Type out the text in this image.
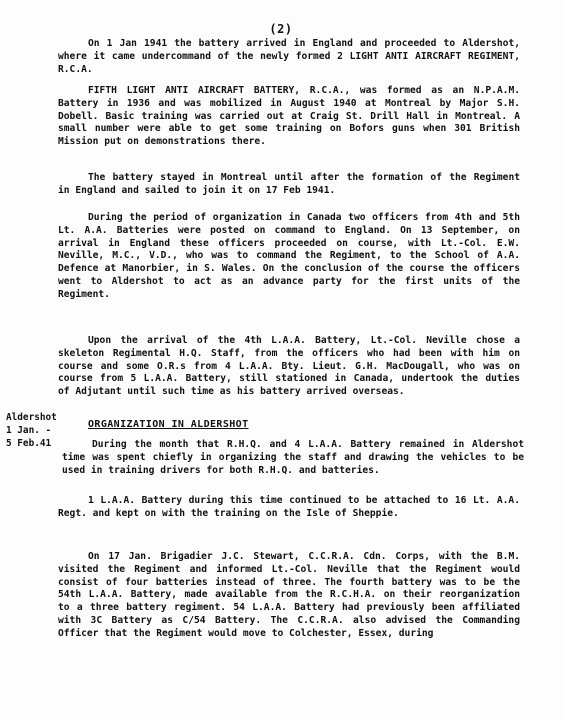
(2)

On 1 Jan 1941 the battery arrived in England and proceeded to Aldershot, where it came undercommand of the newly formed 2 LIGHT ANTI AIRCRAFT REGIMENT, R.C.A.

FIFTH LIGHT ANTI AIRCRAFT BATTERY, R.C.A., was formed as an N.P.A.M. Battery in 1936 and was mobilized in August 1940 at Montreal by Major S.H. Dobell. Basic training was carried out at Craig St. Drill Hall in Montreal. A small number were able to get some training on Bofors guns when 301 British Mission put on demonstrations there.

The battery stayed in Montreal until after the formation of the Regiment in England and sailed to join it on 17 Feb 1941.

During the period of organization in Canada two officers from 4th and 5th Lt. A.A. Batteries were posted on command to England. On 13 September, on arrival in England these officers proceeded on course, with Lt.-Col. E.W. Neville, M.C., V.D., who was to command the Regiment, to the School of A.A. Defence at Manorbier, in S. Wales. On the conclusion of the course the officers went to Aldershot to act as an advance party for the first units of the Regiment.

Upon the arrival of the 4th L.A.A. Battery, Lt.-Col. Neville chose a skeleton Regimental H.Q. Staff, from the officers who had been with him on course and some O.R.s from 4 L.A.A. Bty. Lieut. G.H. MacDougall, who was on course from 5 L.A.A. Battery, still stationed in Canada, undertook the duties of Adjutant until such time as his battery arrived overseas.

Aldershot
1 Jan. -
5 Feb.41
ORGANIZATION IN ALDERSHOT

During the month that R.H.Q. and 4 L.A.A. Battery remained in Aldershot time was spent chiefly in organizing the staff and drawing the vehicles to be used in training drivers for both R.H.Q. and batteries.

1 L.A.A. Battery during this time continued to be attached to 16 Lt. A.A. Regt. and kept on with the training on the Isle of Sheppie.

On 17 Jan. Brigadier J.C. Stewart, C.C.R.A. Cdn. Corps, with the B.M. visited the Regiment and informed Lt.-Col. Neville that the Regiment would consist of four batteries instead of three. The fourth battery was to be the 54th L.A.A. Battery, made available from the R.C.H.A. on their reorganization to a three battery regiment. 54 L.A.A. Battery had previously been affiliated with 3C Battery as C/54 Battery. The C.C.R.A. also advised the Commanding Officer that the Regiment would move to Colchester, Essex, during
